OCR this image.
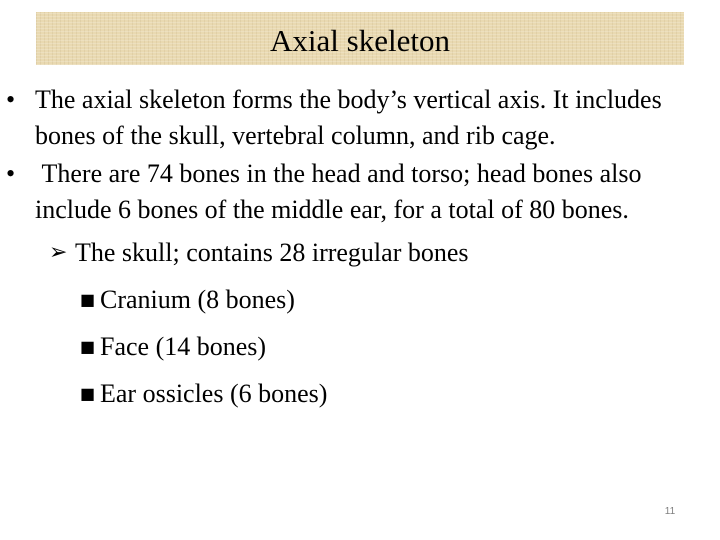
Axial skeleton
• The axial skeleton forms the body’s vertical axis. It includes bones of the skull, vertebral column, and rib cage.
• There are 74 bones in the head and torso; head bones also include 6 bones of the middle ear, for a total of 80 bones.
➢ The skull; contains 28 irregular bones
■ Cranium (8 bones)
■ Face (14 bones)
■ Ear ossicles (6 bones)
11
